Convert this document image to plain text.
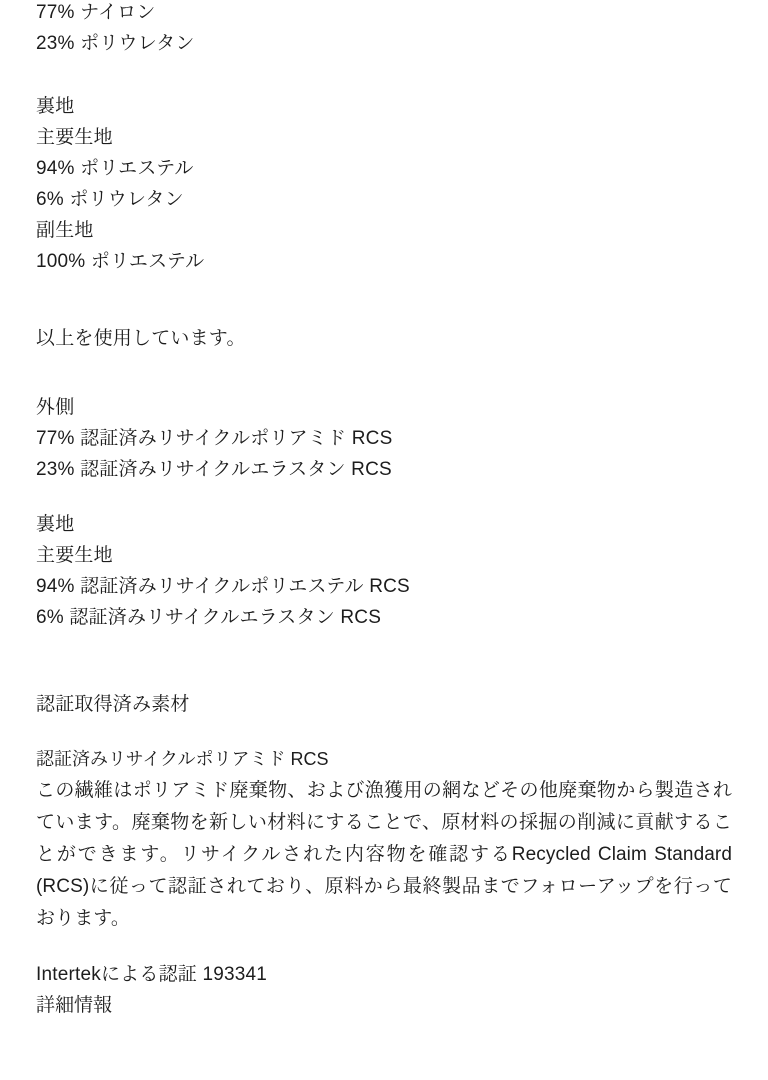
77% ナイロン
23% ポリウレタン
裏地
主要生地
94% ポリエステル
6% ポリウレタン
副生地
100% ポリエステル
以上を使用しています。
外側
77% 認証済みリサイクルポリアミド RCS
23% 認証済みリサイクルエラスタン RCS
裏地
主要生地
94% 認証済みリサイクルポリエステル RCS
6% 認証済みリサイクルエラスタン RCS
認証取得済み素材
認証済みリサイクルポリアミド RCS

この繊維はポリアミド廃棄物、および漁獲用の網などその他廃棄物から製造されています。廃棄物を新しい材料にすることで、原材料の採掘の削減に貢献することができます。リサイクルされた内容物を確認するRecycled Claim Standard (RCS)に従って認証されており、原料から最終製品までフォローアップを行っております。

Intertekによる認証 193341
詳細情報
